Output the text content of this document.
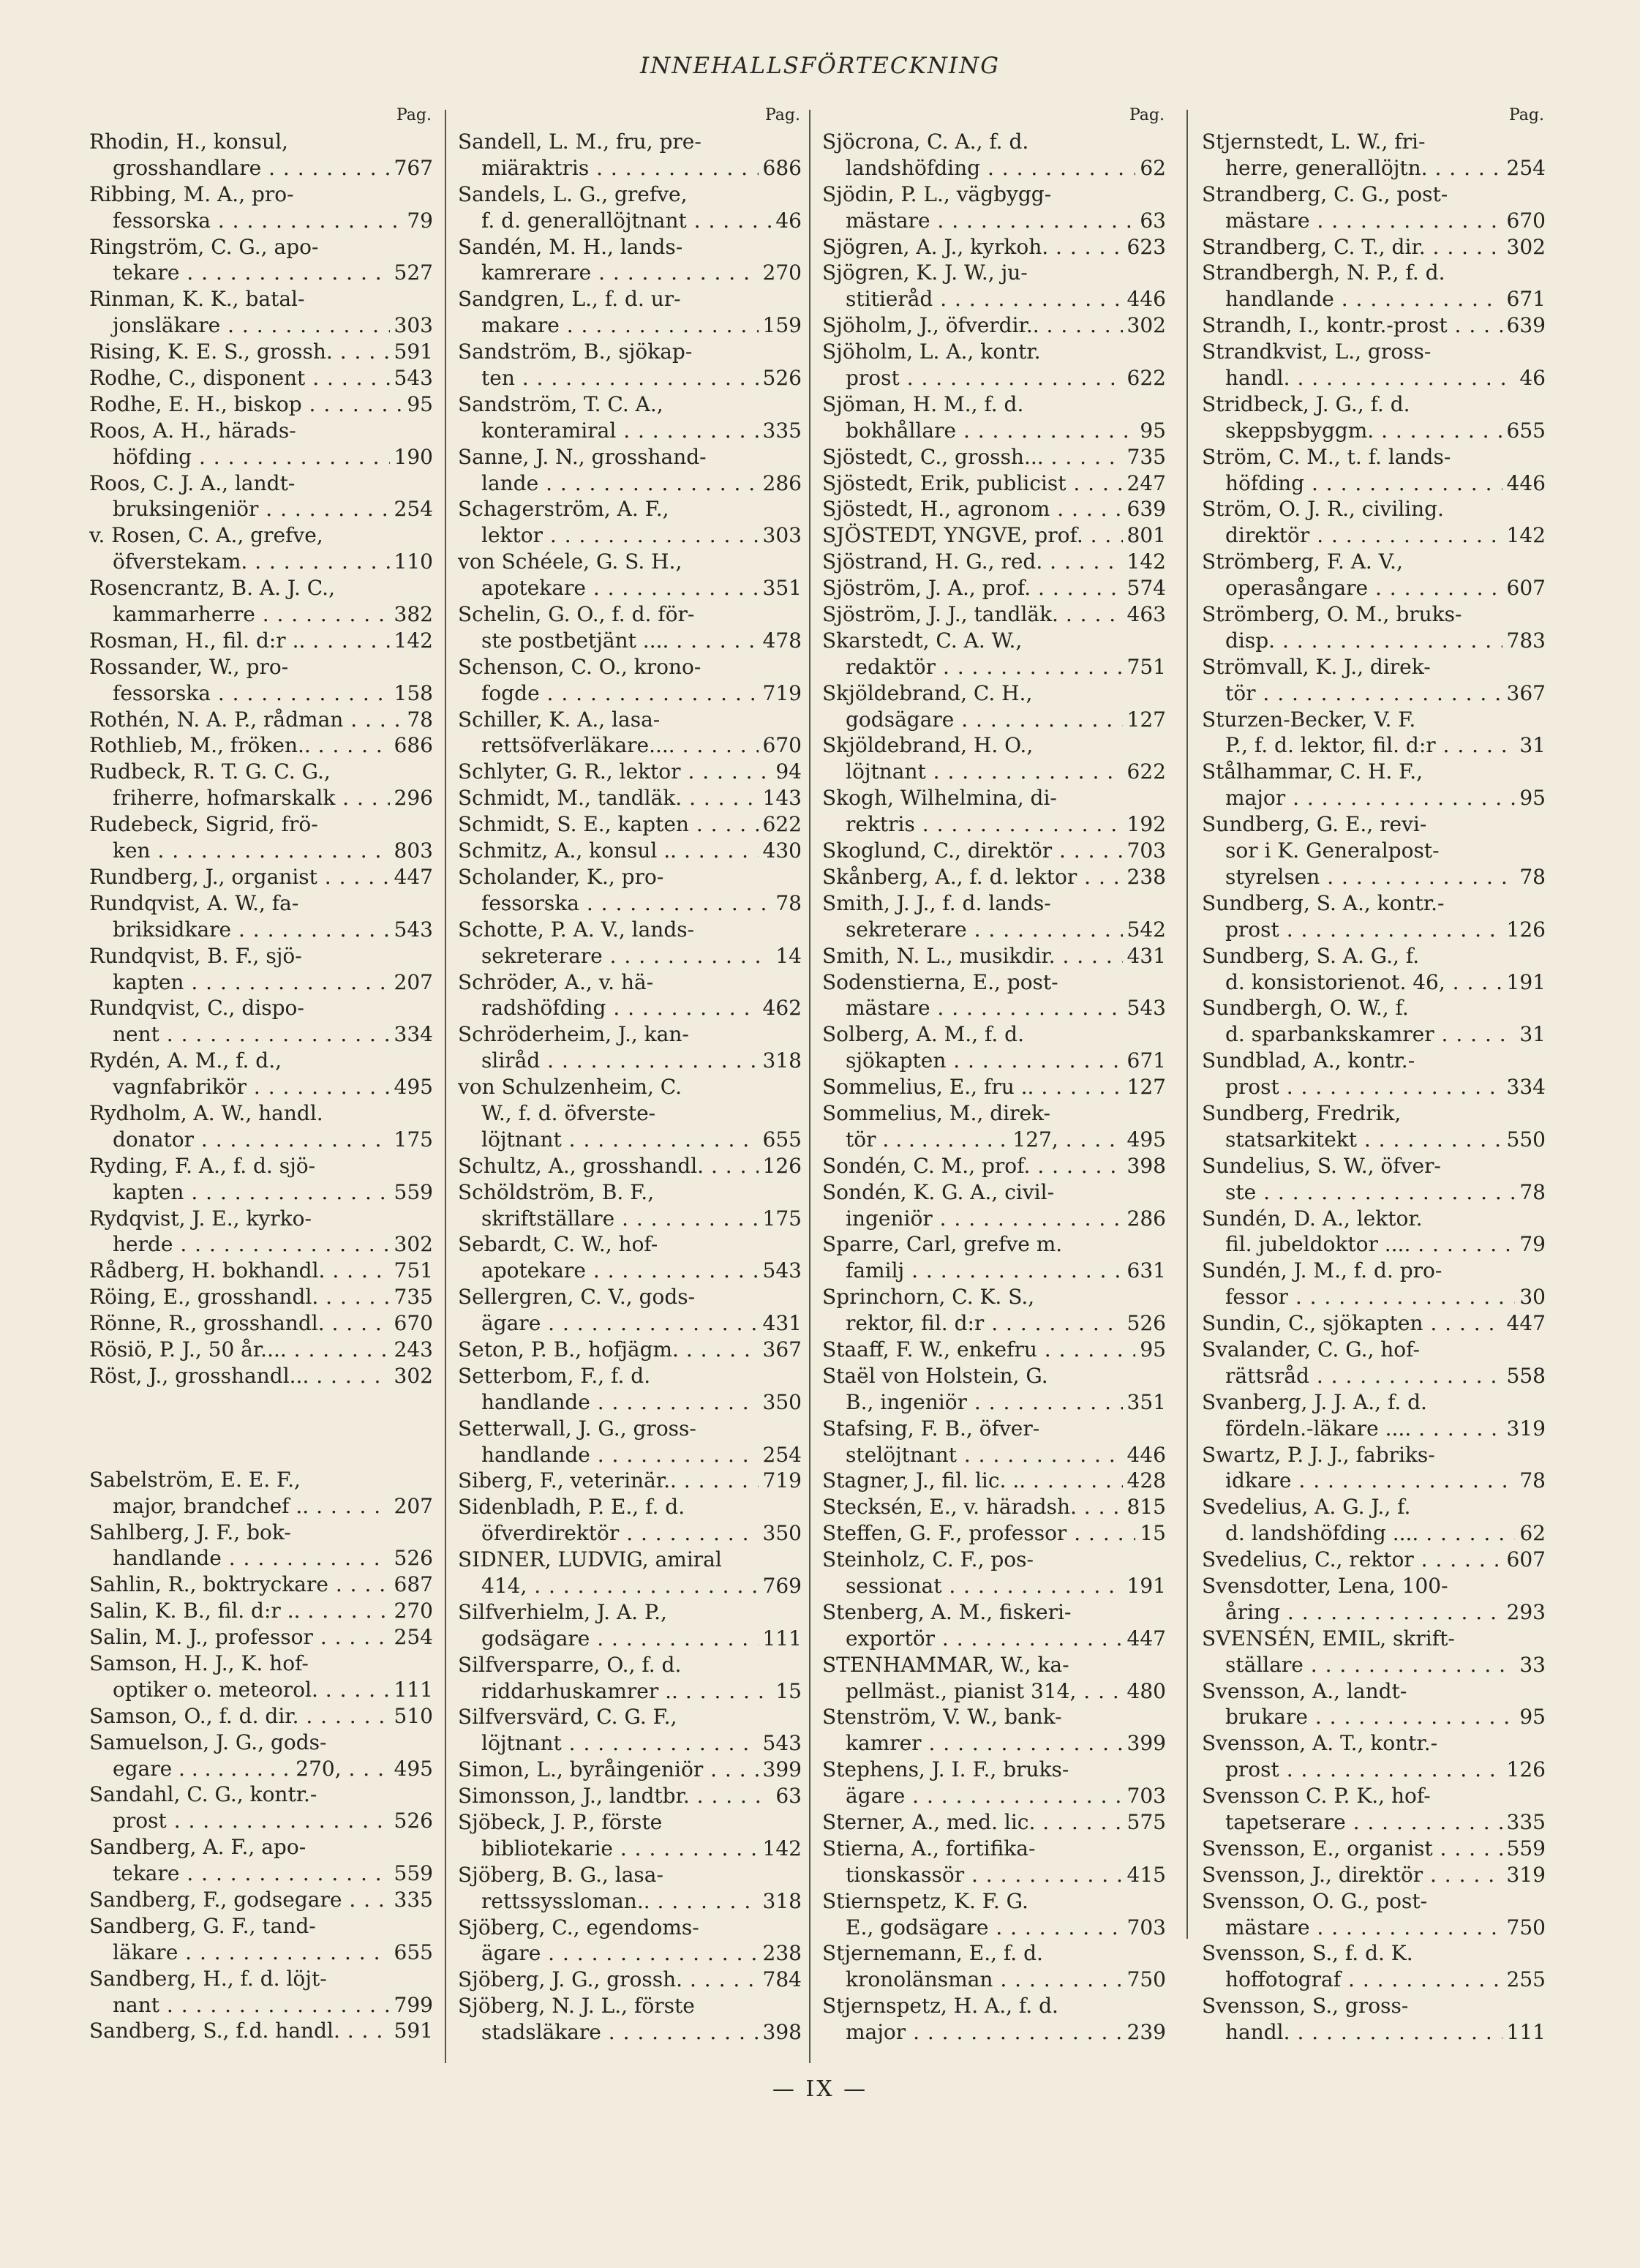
INNEHALLSFÖRTECKNING
Pag.
Rhodin, H., konsul,
grosshandlare . . .	767
Ribbing, M. A., pro-
fessorska . . .	79
Ringström, C. G., apo-
tekare . . .	527
Rinman, K. K., batal-
jonsläkare . . .	303
Rising, K. E. S., grossh. . . .	591
Rodhe, C., disponent . . .	543
Rodhe, E. H., biskop . . .	95
Roos, A. H., härads-
höfding . . .	190
Roos, C. J. A., landt-
bruksingeniör . . .	254
v. Rosen, C. A., grefve,
öfverstekam. . . .	110
Rosencrantz, B. A. J. C.,
kammarherre . . .	382
Rosman, H., fil. d:r .. . . .	142
Rossander, W., pro-
fessorska . . .	158
Rothén, N. A. P., rådman . . .	78
Rothlieb, M., fröken.. . . .	686
Rudbeck, R. T. G. C. G.,
friherre, hofmarskalk . . .	296
Rudebeck, Sigrid, frö-
ken . . .	803
Rundberg, J., organist . . .	447
Rundqvist, A. W., fa-
briksidkare . . .	543
Rundqvist, B. F., sjö-
kapten . . .	207
Rundqvist, C., dispo-
nent . . .	334
Rydén, A. M., f. d.,
vagnfabrikör . . .	495
Rydholm, A. W., handl.
donator . . .	175
Ryding, F. A., f. d. sjö-
kapten . . .	559
Rydqvist, J. E., kyrko-
herde . . .	302
Rådberg, H. bokhandl. . . .	751
Röing, E., grosshandl. . . .	735
Rönne, R., grosshandl. . . .	670
Rösiö, P. J., 50 år.... . . .	243
Röst, J., grosshandl... . . .	302
Sabelström, E. E. F.,
major, brandchef .. . . .	207
Sahlberg, J. F., bok-
handlande . . .	526
Sahlin, R., boktryckare . . .	687
Salin, K. B., fil. d:r .. . . .	270
Salin, M. J., professor . . .	254
Samson, H. J., K. hof-
optiker o. meteorol. . . .	111
Samson, O., f. d. dir. . . .	510
Samuelson, J. G., gods-
egare . . . . . . . . . 270, . . .	495
Sandahl, C. G., kontr.-
prost . . .	526
Sandberg, A. F., apo-
tekare . . .	559
Sandberg, F., godsegare . . .	335
Sandberg, G. F., tand-
läkare . . .	655
Sandberg, H., f. d. löjt-
nant . . .	799
Sandberg, S., f.d. handl. . . .	591
Pag.
Sandell, L. M., fru, pre-
miäraktris . . .	686
Sandels, L. G., grefve,
f. d. generallöjtnant . . .	46
Sandén, M. H., lands-
kamrerare . . .	270
Sandgren, L., f. d. ur-
makare . . .	159
Sandström, B., sjökap-
ten . . .	526
Sandström, T. C. A.,
konteramiral . . .	335
Sanne, J. N., grosshand-
lande . . .	286
Schagerström, A. F.,
lektor . . .	303
von Schéele, G. S. H.,
apotekare . . .	351
Schelin, G. O., f. d. för-
ste postbetjänt .... . . .	478
Schenson, C. O., krono-
fogde . . .	719
Schiller, K. A., lasa-
rettsöfverläkare.... . . .	670
Schlyter, G. R., lektor . . .	94
Schmidt, M., tandläk. . . .	143
Schmidt, S. E., kapten . . .	622
Schmitz, A., konsul .. . . .	430
Scholander, K., pro-
fessorska . . .	78
Schotte, P. A. V., lands-
sekreterare . . .	14
Schröder, A., v. hä-
radshöfding . . .	462
Schröderheim, J., kan-
sliråd . . .	318
von Schulzenheim, C.
W., f. d. öfverste-
löjtnant . . .	655
Schultz, A., grosshandl. . . .	126
Schöldström, B. F.,
skriftställare . . .	175
Sebardt, C. W., hof-
apotekare . . .	543
Sellergren, C. V., gods-
ägare . . .	431
Seton, P. B., hofjägm. . . .	367
Setterbom, F., f. d.
handlande . . .	350
Setterwall, J. G., gross-
handlande . . .	254
Siberg, F., veterinär.. . . .	719
Sidenbladh, P. E., f. d.
öfverdirektör . . .	350
SIDNER, LUDVIG, amiral
414, . . .	769
Silfverhielm, J. A. P.,
godsägare . . .	111
Silfversparre, O., f. d.
riddarhuskamrer .. . . .	15
Silfversvärd, C. G. F.,
löjtnant . . .	543
Simon, L., byråingeniör . . .	399
Simonsson, J., landtbr. . . .	63
Sjöbeck, J. P., förste
bibliotekarie . . .	142
Sjöberg, B. G., lasa-
rettssyssloman.. . . .	318
Sjöberg, C., egendoms-
ägare . . .	238
Sjöberg, J. G., grossh. . . .	784
Sjöberg, N. J. L., förste
stadsläkare . . .	398
Pag.
Sjöcrona, C. A., f. d.
landshöfding . . .	62
Sjödin, P. L., vägbygg-
mästare . . .	63
Sjögren, A. J., kyrkoh. . . .	623
Sjögren, K. J. W., ju-
stitieråd . . .	446
Sjöholm, J., öfverdir.. . . .	302
Sjöholm, L. A., kontr.
prost . . .	622
Sjöman, H. M., f. d.
bokhållare . . .	95
Sjöstedt, C., grossh... . . .	735
Sjöstedt, Erik, publicist . . .	247
Sjöstedt, H., agronom . . .	639
SJÖSTEDT, YNGVE, prof. . . . 801
Sjöstrand, H. G., red. . . .	142
Sjöström, J. A., prof. . . .	574
Sjöström, J. J., tandläk. . . .	463
Skarstedt, C. A. W.,
redaktör . . .	751
Skjöldebrand, C. H.,
godsägare . . .	127
Skjöldebrand, H. O.,
löjtnant . . .	622
Skogh, Wilhelmina, di-
rektris . . .	192
Skoglund, C., direktör . . .	703
Skånberg, A., f. d. lektor . . . 238
Smith, J. J., f. d. lands-
sekreterare . . .	542
Smith, N. L., musikdir. . . .	431
Sodenstierna, E., post-
mästare . . .	543
Solberg, A. M., f. d.
sjökapten . . .	671
Sommelius, E., fru .. . . .	127
Sommelius, M., direk-
tör . . . . . . . . . . 127, . . .	495
Sondén, C. M., prof. . . .	398
Sondén, K. G. A., civil-
ingeniör . . .	286
Sparre, Carl, grefve m.
familj . . .	631
Sprinchorn, C. K. S.,
rektor, fil. d:r . . .	526
Staaff, F. W., enkefru . . .	95
Staël von Holstein, G.
B., ingeniör . . .	351
Stafsing, F. B., öfver-
stelöjtnant . . .	446
Stagner, J., fil. lic. .. . . .	428
Stecksén, E., v. häradsh. . . . 815
Steffen, G. F., professor . . .	15
Steinholz, C. F., pos-
sessionat . . .	191
Stenberg, A. M., fiskeri-
exportör . . .	447
STENHAMMAR, W., ka-
pellmäst., pianist 314, . . . 480
Stenström, V. W., bank-
kamrer . . .	399
Stephens, J. I. F., bruks-
ägare . . .	703
Sterner, A., med. lic. . . .	575
Stierna, A., fortifika-
tionskassör . . .	415
Stiernspetz, K. F. G.
E., godsägare . . .	703
Stjernemann, E., f. d.
kronolänsman . . .	750
Stjernspetz, H. A., f. d.
major . . .	239
Pag.
Stjernstedt, L. W., fri-
herre, generallöjtn. . . .	254
Strandberg, C. G., post-
mästare . . .	670
Strandberg, C. T., dir. . . .	302
Strandbergh, N. P., f. d.
handlande . . .	671
Strandh, I., kontr.-prost . . .	639
Strandkvist, L., gross-
handl. . . .	46
Stridbeck, J. G., f. d.
skeppsbyggm. . . .	655
Ström, C. M., t. f. lands-
höfding . . .	446
Ström, O. J. R., civiling.
direktör . . .	142
Strömberg, F. A. V.,
operasångare . . .	607
Strömberg, O. M., bruks-
disp. . . .	783
Strömvall, K. J., direk-
tör . . .	367
Sturzen-Becker, V. F.
P., f. d. lektor, fil. d:r . . .	31
Stålhammar, C. H. F.,
major . . .	95
Sundberg, G. E., revi-
sor i K. Generalpost-
styrelsen . . .	78
Sundberg, S. A., kontr.-
prost . . .	126
Sundberg, S. A. G., f.
d. konsistorienot. 46, . . .	191
Sundbergh, O. W., f.
d. sparbankskamrer . . .	31
Sundblad, A., kontr.-
prost . . .	334
Sundberg, Fredrik,
statsarkitekt . . .	550
Sundelius, S. W., öfver-
ste . . .	78
Sundén, D. A., lektor.
fil. jubeldoktor .... . . .	79
Sundén, J. M., f. d. pro-
fessor . . .	30
Sundin, C., sjökapten . . .	447
Svalander, C. G., hof-
rättsråd . . .	558
Svanberg, J. J. A., f. d.
fördeln.-läkare .... . . .	319
Swartz, P. J. J., fabriks-
idkare . . .	78
Svedelius, A. G. J., f.
d. landshöfding .... . . .	62
Svedelius, C., rektor . . .	607
Svensdotter, Lena, 100-
åring . . .	293
SVENSÉN, EMIL, skrift-
ställare . . .	33
Svensson, A., landt-
brukare . . .	95
Svensson, A. T., kontr.-
prost . . .	126
Svensson C. P. K., hof-
tapetserare . . .	335
Svensson, E., organist . . .	559
Svensson, J., direktör . . .	319
Svensson, O. G., post-
mästare . . .	750
Svensson, S., f. d. K.
hoffotograf . . .	255
Svensson, S., gross-
handl. . . .	111
— IX —
